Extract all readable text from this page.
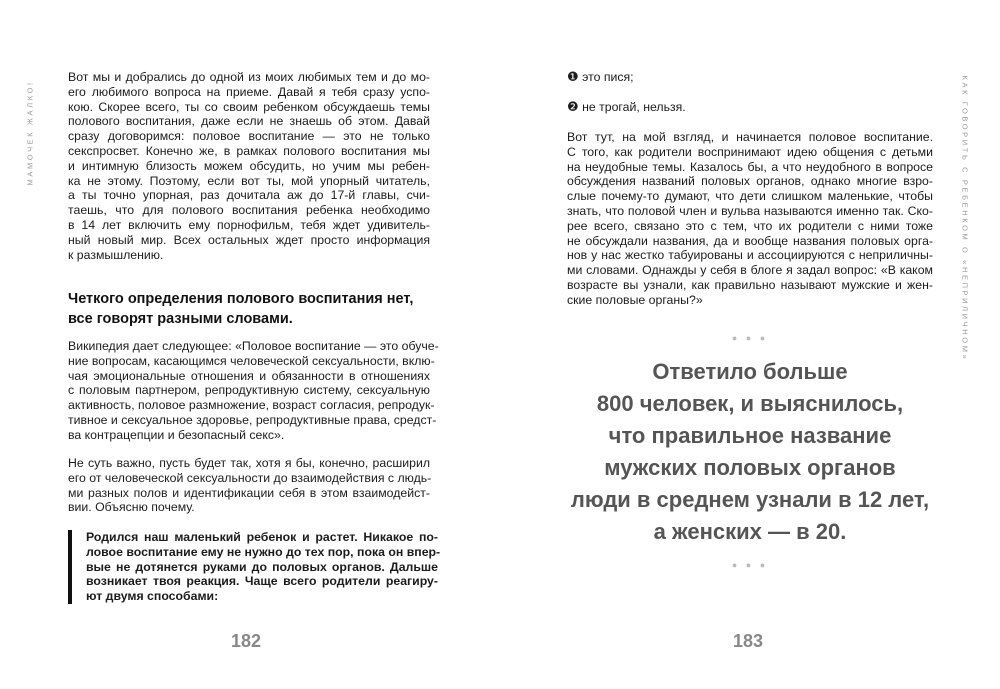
МАМОЧЕК ЖАЛКО!
Вот мы и добрались до одной из моих любимых тем и до мо-
его любимого вопроса на приеме. Давай я тебя сразу успо-
кою. Скорее всего, ты со своим ребенком обсуждаешь темы
полового воспитания, даже если не знаешь об этом. Давай
сразу договоримся: половое воспитание — это не только
секспросвет. Конечно же, в рамках полового воспитания мы
и интимную близость можем обсудить, но учим мы ребен-
ка не этому. Поэтому, если вот ты, мой упорный читатель,
а ты точно упорная, раз дочитала аж до 17-й главы, счи-
таешь, что для полового воспитания ребенка необходимо
в 14 лет включить ему порнофильм, тебя ждет удивитель-
ный новый мир. Всех остальных ждет просто информация
к размышлению.
Четкого определения полового воспитания нет,
все говорят разными словами.
Википедия дает следующее: «Половое воспитание — это обуче-
ние вопросам, касающимся человеческой сексуальности, вклю-
чая эмоциональные отношения и обязанности в отношениях
с половым партнером, репродуктивную систему, сексуальную
активность, половое размножение, возраст согласия, репродук-
тивное и сексуальное здоровье, репродуктивные права, средст-
ва контрацепции и безопасный секс».
Не суть важно, пусть будет так, хотя я бы, конечно, расширил
его от человеческой сексуальности до взаимодействия с людь-
ми разных полов и идентификации себя в этом взаимодейст-
вии. Объясню почему.
Родился наш маленький ребенок и растет. Никакое по-
ловое воспитание ему не нужно до тех пор, пока он впер-
вые не дотянется руками до половых органов. Дальше
возникает твоя реакция. Чаще всего родители реагиру-
ют двумя способами:
182
КАК ГОВОРИТЬ С РЕБЕНКОМ О «НЕПРИЛИЧНОМ»
❶ это пися;
❷ не трогай, нельзя.
Вот тут, на мой взгляд, и начинается половое воспитание.
С того, как родители воспринимают идею общения с детьми
на неудобные темы. Казалось бы, а что неудобного в вопросе
обсуждения названий половых органов, однако многие взро-
слые почему-то думают, что дети слишком маленькие, чтобы
знать, что половой член и вульва называются именно так. Ско-
рее всего, связано это с тем, что их родители с ними тоже
не обсуждали названия, да и вообще названия половых орга-
нов у нас жестко табуированы и ассоциируются с неприличны-
ми словами. Однажды у себя в блоге я задал вопрос: «В каком
возрасте вы узнали, как правильно называют мужские и жен-
ские половые органы?»
● ● ●
Ответило больше
800 человек, и выяснилось,
что правильное название
мужских половых органов
люди в среднем узнали в 12 лет,
а женских — в 20.
● ● ●
183
